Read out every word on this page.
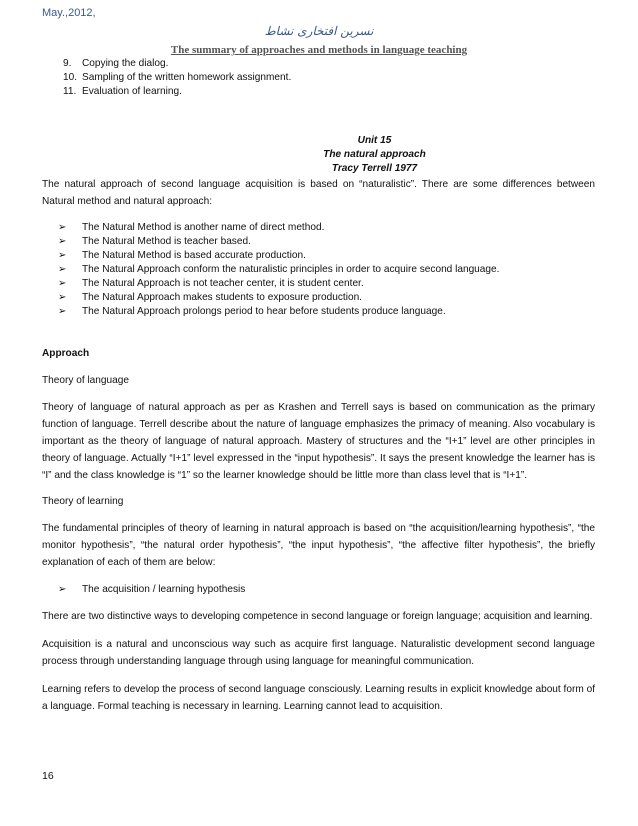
May.,2012,
نسرین افتخاری نشاط
The summary of approaches and methods in language teaching
9. Copying the dialog.
10. Sampling of the written homework assignment.
11. Evaluation of learning.
Unit 15
The natural approach
Tracy Terrell 1977

The natural approach of second language acquisition is based on “naturalistic”. There are some differences between Natural method and natural approach:

➢ The Natural Method is another name of direct method.
➢ The Natural Method is teacher based.
➢ The Natural Method is based accurate production.
➢ The Natural Approach conform the naturalistic principles in order to acquire second language.
➢ The Natural Approach is not teacher center, it is student center.
➢ The Natural Approach makes students to exposure production.
➢ The Natural Approach prolongs period to hear before students produce language.
Approach
Theory of language

Theory of language of natural approach as per as Krashen and Terrell says is based on communication as the primary function of language. Terrell describe about the nature of language emphasizes the primacy of meaning. Also vocabulary is important as the theory of language of natural approach. Mastery of structures and the “I+1” level are other principles in theory of language. Actually “I+1” level expressed in the “input hypothesis”. It says the present knowledge the learner has is “I” and the class knowledge is “1” so the learner knowledge should be little more than class level that is “I+1”.

Theory of learning

The fundamental principles of theory of learning in natural approach is based on “the acquisition/learning hypothesis”, “the monitor hypothesis”, “the natural order hypothesis”, “the input hypothesis”, “the affective filter hypothesis”, the briefly explanation of each of them are below:

➢ The acquisition / learning hypothesis

There are two distinctive ways to developing competence in second language or foreign language; acquisition and learning.

Acquisition is a natural and unconscious way such as acquire first language. Naturalistic development second language process through understanding language through using language for meaningful communication.

Learning refers to develop the process of second language consciously. Learning results in explicit knowledge about form of a language. Formal teaching is necessary in learning. Learning cannot lead to acquisition.

16
